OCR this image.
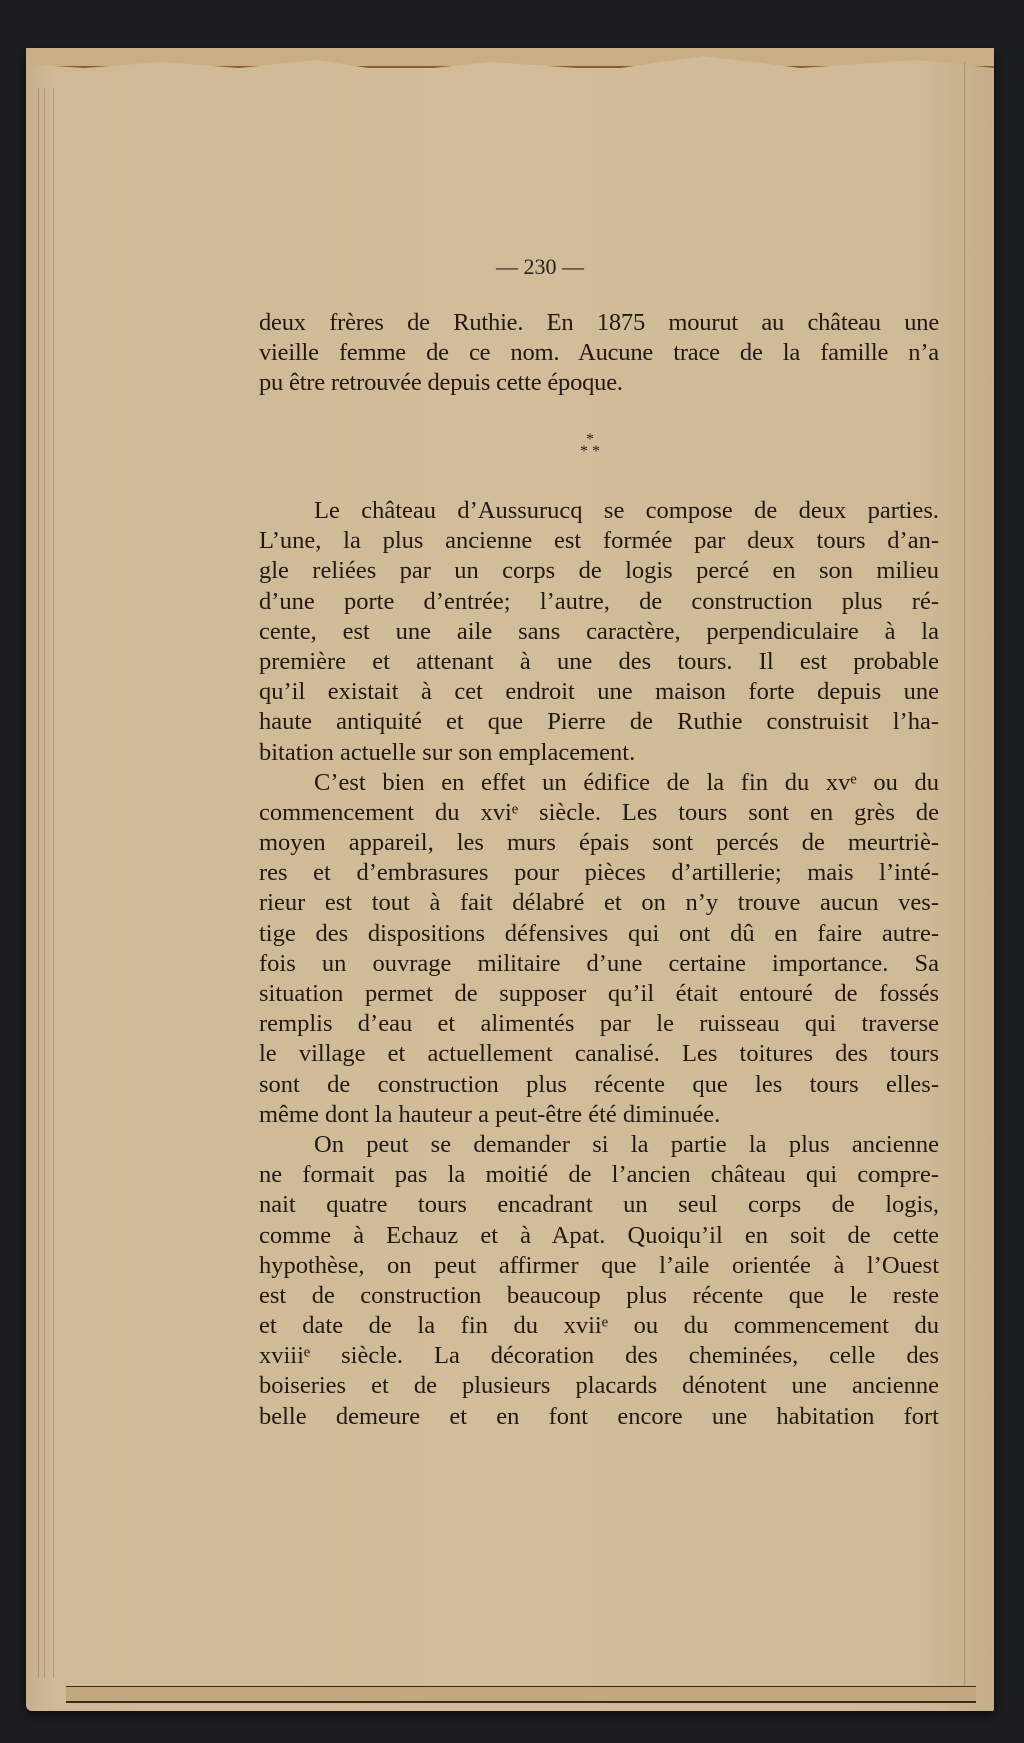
— 230 —
deux frères de Ruthie. En 1875 mourut au château une
vieille femme de ce nom. Aucune trace de la famille n’a
pu être retrouvée depuis cette époque.
*
* *
Le château d’Aussurucq se compose de deux parties.
L’une, la plus ancienne est formée par deux tours d’an-
gle reliées par un corps de logis percé en son milieu
d’une porte d’entrée; l’autre, de construction plus ré-
cente, est une aile sans caractère, perpendiculaire à la
première et attenant à une des tours. Il est probable
qu’il existait à cet endroit une maison forte depuis une
haute antiquité et que Pierre de Ruthie construisit l’ha-
bitation actuelle sur son emplacement.
C’est bien en effet un édifice de la fin du xvᵉ ou du
commencement du xviᵉ siècle. Les tours sont en grès de
moyen appareil, les murs épais sont percés de meurtriè-
res et d’embrasures pour pièces d’artillerie; mais l’inté-
rieur est tout à fait délabré et on n’y trouve aucun ves-
tige des dispositions défensives qui ont dû en faire autre-
fois un ouvrage militaire d’une certaine importance. Sa
situation permet de supposer qu’il était entouré de fossés
remplis d’eau et alimentés par le ruisseau qui traverse
le village et actuellement canalisé. Les toitures des tours
sont de construction plus récente que les tours elles-
même dont la hauteur a peut-être été diminuée.
On peut se demander si la partie la plus ancienne
ne formait pas la moitié de l’ancien château qui compre-
nait quatre tours encadrant un seul corps de logis,
comme à Echauz et à Apat. Quoiqu’il en soit de cette
hypothèse, on peut affirmer que l’aile orientée à l’Ouest
est de construction beaucoup plus récente que le reste
et date de la fin du xviiᵉ ou du commencement du
xviiiᵉ siècle. La décoration des cheminées, celle des
boiseries et de plusieurs placards dénotent une ancienne
belle demeure et en font encore une habitation fort
